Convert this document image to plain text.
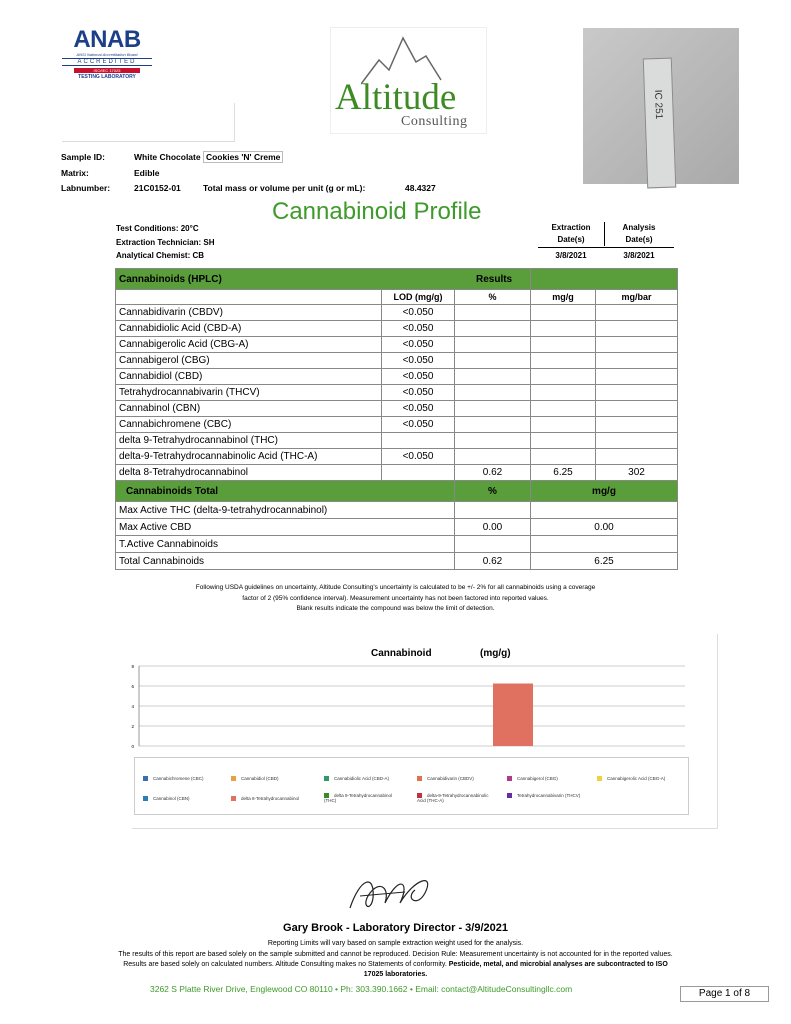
ANAB
ANSI National Accreditation Board
ACCREDITED
ISO/IEC 17025
TESTING LABORATORY	Altitude
Consulting
IC 251
Sample ID:	White Chocolate Cookies 'N' Creme
Matrix:	Edible
Labnumber:	21C0152-01	Total mass or volume per unit (g or mL):	48.4327
Cannabinoid Profile
Test Conditions: 20°C
Extraction Technician: SH
Analytical Chemist: CB
Extraction
Date(s)
3/8/2021
Analysis
Date(s)
3/8/2021
Cannabinoids (HPLC)			Results	
	LOD (mg/g)	%	mg/g	mg/bar
Cannabidivarin (CBDV)	<0.050			
Cannabidiolic Acid (CBD-A)	<0.050			
Cannabigerolic Acid (CBG-A)	<0.050			
Cannabigerol (CBG)	<0.050			
Cannabidiol (CBD)	<0.050			
Tetrahydrocannabivarin (THCV)	<0.050			
Cannabinol (CBN)	<0.050			
Cannabichromene (CBC)	<0.050			
delta 9-Tetrahydrocannabinol (THC)				
delta-9-Tetrahydrocannabinolic Acid (THC-A)	<0.050			
delta 8-Tetrahydrocannabinol		0.62	6.25	302
Cannabinoids Total		%	mg/g	
Max Active THC (delta-9-tetrahydrocannabinol)				
Max Active CBD		0.00	0.00	
T.Active Cannabinoids				
Total Cannabinoids		0.62	6.25	
Following USDA guidelines on uncertainty, Altitude Consulting's uncertainty is calculated to be +/- 2% for all cannabinoids using a coverage
factor of 2 (95% confidence interval). Measurement uncertainty has not been factored into reported values.
Blank results indicate the compound was below the limit of detection.
Cannabinoid	(mg/g)
8
6
4
2
0
Cannabichromene (CBC)	Cannabidiol (CBD)	Cannabidiolic Acid (CBD-A)	Cannabidivarin (CBDV)	Cannabigerol (CBG)	Cannabigerolic Acid (CBG-A)
Cannabinol (CBN)	delta 8-Tetrahydrocannabinol
delta 9-Tetrahydrocannabinol (THC)
delta-9-Tetrahydrocannabinolic Acid (THC-A)
Tetrahydrocannabivarin (THCV)
Gary Brook - Laboratory Director - 3/9/2021
Reporting Limits will vary based on sample extraction weight used for the analysis.
The results of this report are based solely on the sample submitted and cannot be reproduced. Decision Rule: Measurement uncertainty is not accounted for in the reported values.
Results are based solely on calculated numbers. Altitude Consulting makes no Statements of conformity. Pesticide, metal, and microbial analyses are subcontracted to ISO
17025 laboratories.
3262 S Platte River Drive, Englewood CO 80110 • Ph: 303.390.1662 • Email: contact@AltitudeConsultingllc.com	Page 1 of 8
